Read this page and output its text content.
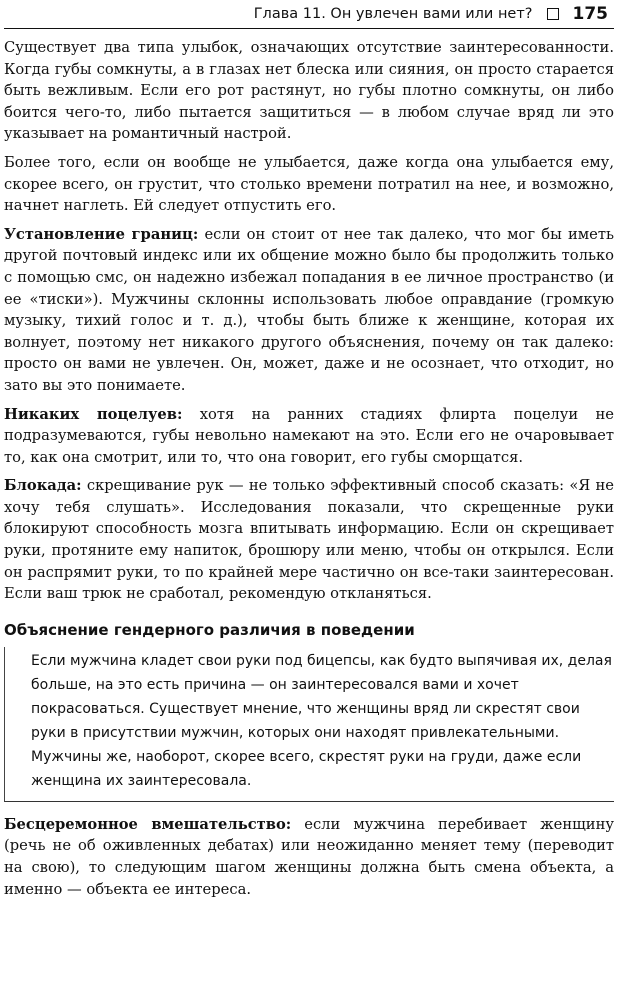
Глава 11. Он увлечен вами или нет? 175

Существует два типа улыбок, означающих отсутствие заинтересованности. Когда губы сомкнуты, а в глазах нет блеска или сияния, он просто старается быть вежливым. Если его рот растянут, но губы плотно сомкнуты, он либо боится чего-то, либо пытается защититься — в любом случае вряд ли это указывает на романтичный настрой.

Более того, если он вообще не улыбается, даже когда она улыбается ему, скорее всего, он грустит, что столько времени потратил на нее, и возможно, начнет наглеть. Ей следует отпустить его.

Установление границ: если он стоит от нее так далеко, что мог бы иметь другой почтовый индекс или их общение можно было бы продолжить только с помощью смс, он надежно избежал попадания в ее личное пространство (и ее «тиски»). Мужчины склонны использовать любое оправдание (громкую музыку, тихий голос и т. д.), чтобы быть ближе к женщине, которая их волнует, поэтому нет никакого другого объяснения, почему он так далеко: просто он вами не увлечен. Он, может, даже и не осознает, что отходит, но зато вы это понимаете.

Никаких поцелуев: хотя на ранних стадиях флирта поцелуи не подразумеваются, губы невольно намекают на это. Если его не очаровывает то, как она смотрит, или то, что она говорит, его губы сморщатся.

Блокада: скрещивание рук — не только эффективный способ сказать: «Я не хочу тебя слушать». Исследования показали, что скрещенные руки блокируют способность мозга впитывать информацию. Если он скрещивает руки, протяните ему напиток, брошюру или меню, чтобы он открылся. Если он распрямит руки, то по крайней мере частично он все-таки заинтересован. Если ваш трюк не сработал, рекомендую откланяться.

Объяснение гендерного различия в поведении

Если мужчина кладет свои руки под бицепсы, как будто выпячивая их, делая больше, на это есть причина — он заинтересовался вами и хочет покрасоваться. Существует мнение, что женщины вряд ли скрестят свои руки в присутствии мужчин, которых они находят привлекательными. Мужчины же, наоборот, скорее всего, скрестят руки на груди, даже если женщина их заинтересовала.

Бесцеремонное вмешательство: если мужчина перебивает женщину (речь не об оживленных дебатах) или неожиданно меняет тему (переводит на свою), то следующим шагом женщины должна быть смена объекта, а именно — объекта ее интереса.
